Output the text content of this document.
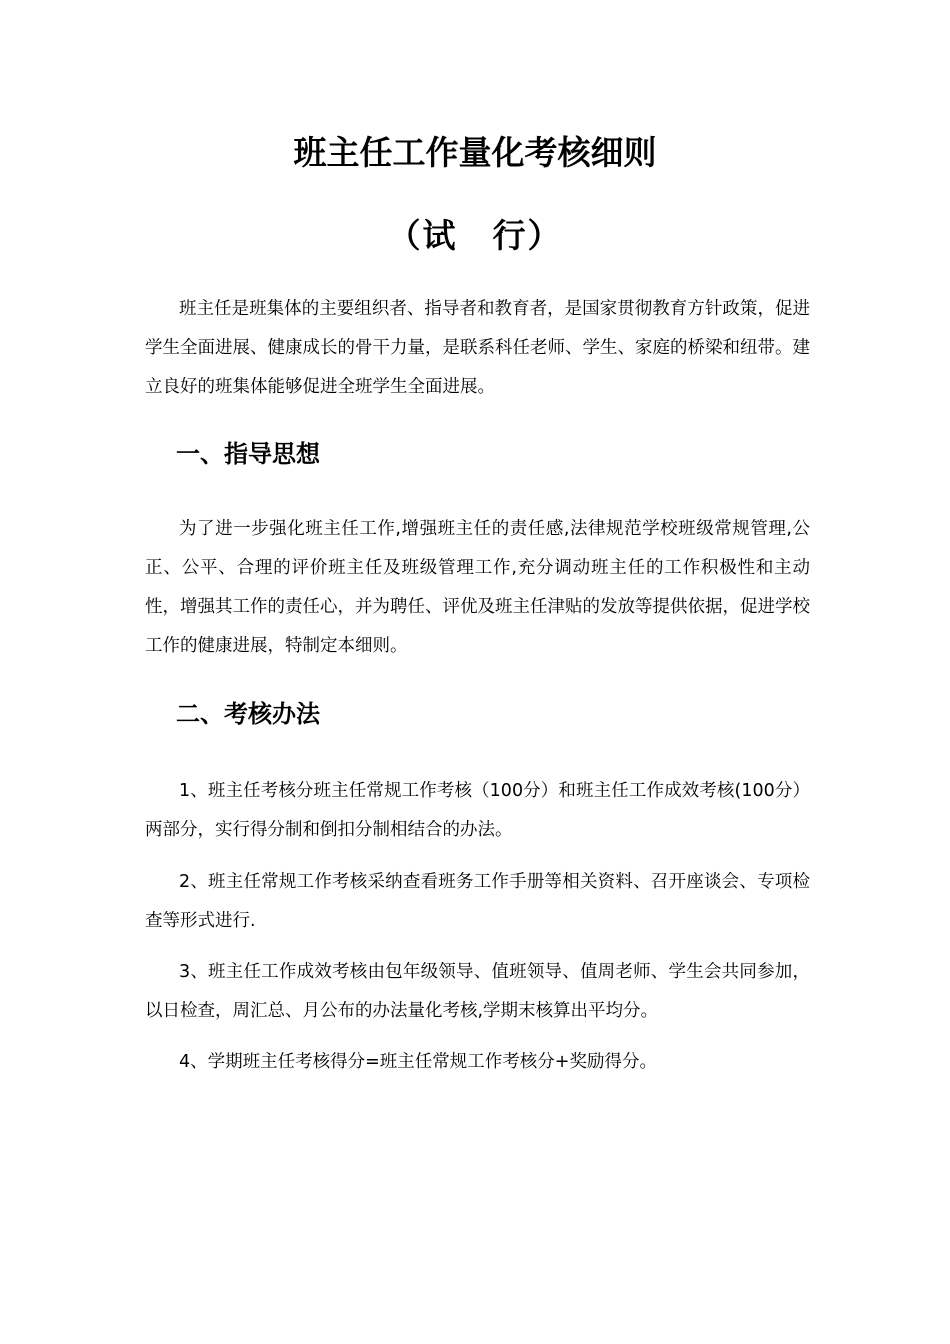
班主任工作量化考核细则
（试　行）

班主任是班集体的主要组织者、指导者和教育者，是国家贯彻教育方针政策，促进学生全面进展、健康成长的骨干力量，是联系科任老师、学生、家庭的桥梁和纽带。建立良好的班集体能够促进全班学生全面进展。

一、指导思想

为了进一步强化班主任工作,增强班主任的责任感,法律规范学校班级常规管理,公正、公平、合理的评价班主任及班级管理工作,充分调动班主任的工作积极性和主动性，增强其工作的责任心，并为聘任、评优及班主任津贴的发放等提供依据，促进学校工作的健康进展，特制定本细则。

二、考核办法

1、班主任考核分班主任常规工作考核（100分）和班主任工作成效考核(100分）两部分，实行得分制和倒扣分制相结合的办法。

2、班主任常规工作考核采纳查看班务工作手册等相关资料、召开座谈会、专项检查等形式进行.

3、班主任工作成效考核由包年级领导、值班领导、值周老师、学生会共同参加，以日检查，周汇总、月公布的办法量化考核,学期末核算出平均分。

4、学期班主任考核得分=班主任常规工作考核分+奖励得分。
